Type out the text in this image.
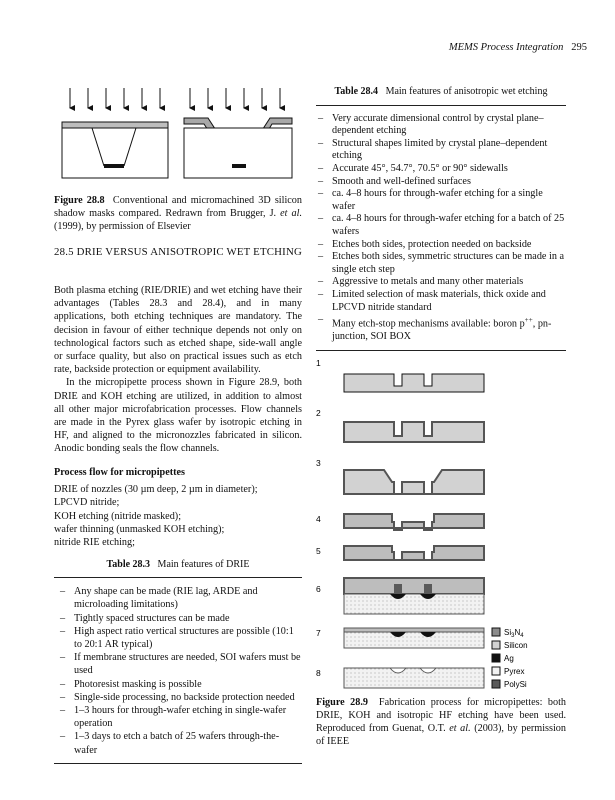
MEMS Process Integration 295

Figure 28.8 Conventional and micromachined 3D silicon shadow masks compared. Redrawn from Brugger, J. et al. (1999), by permission of Elsevier

28.5 DRIE VERSUS ANISOTROPIC WET ETCHING

Both plasma etching (RIE/DRIE) and wet etching have their advantages (Tables 28.3 and 28.4), and in many applications, both etching techniques are mandatory. The decision in favour of either technique depends not only on technological factors such as etched shape, side-wall angle or surface quality, but also on practical issues such as etch rate, backside protection or equipment availability.

In the micropipette process shown in Figure 28.9, both DRIE and KOH etching are utilized, in addition to almost all other major microfabrication processes. Flow channels are made in the Pyrex glass wafer by isotropic etching in HF, and aligned to the micronozzles fabricated in silicon. Anodic bonding seals the flow channels.

Process flow for micropipettes
DRIE of nozzles (30 µm deep, 2 µm in diameter);
LPCVD nitride;
KOH etching (nitride masked);
wafer thinning (unmasked KOH etching);
nitride RIE etching;
Table 28.3 Main features of DRIE
– Any shape can be made (RIE lag, ARDE and microloading limitations)
– Tightly spaced structures can be made
– High aspect ratio vertical structures are possible (10:1 to 20:1 AR typical)
– If membrane structures are needed, SOI wafers must be used
– Photoresist masking is possible
– Single-side processing, no backside protection needed
– 1–3 hours for through-wafer etching in single-wafer operation
– 1–3 days to etch a batch of 25 wafers through-the-wafer
Table 28.4 Main features of anisotropic wet etching
– Very accurate dimensional control by crystal plane–dependent etching
– Structural shapes limited by crystal plane–dependent etching
– Accurate 45°, 54.7°, 70.5° or 90° sidewalls
– Smooth and well-defined surfaces
– ca. 4–8 hours for through-wafer etching for a single wafer
– ca. 4–8 hours for through-wafer etching for a batch of 25 wafers
– Etches both sides, protection needed on backside
– Etches both sides, symmetric structures can be made in a single etch step
– Aggressive to metals and many other materials
– Limited selection of mask materials, thick oxide and LPCVD nitride standard
– Many etch-stop mechanisms available: boron p++, pn-junction, SOI BOX
1
2
3
4
5
6
7
8
$Si_3N_4$
Silicon
Ag
Pyrex
PolySi

Figure 28.9 Fabrication process for micropipettes: both DRIE, KOH and isotropic HF etching have been used. Reproduced from Guenat, O.T. et al. (2003), by permission of IEEE
